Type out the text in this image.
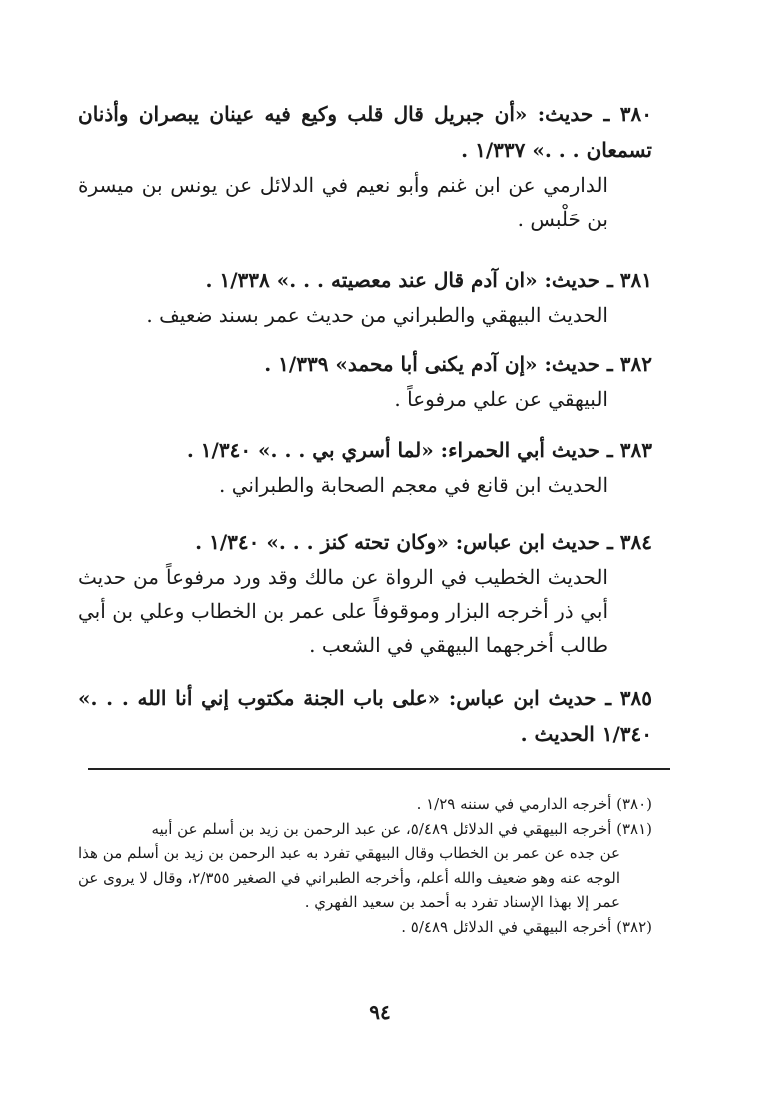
٣٨٠ ـ حديث: «أن جبريل قال قلب وكيع فيه عينان يبصران وأذنان تسمعان . . .» ١/٣٣٧ .
الدارمي عن ابن غنم وأبو نعيم في الدلائل عن يونس بن ميسرة بن حَلْبس .
٣٨١ ـ حديث: «ان آدم قال عند معصيته . . .» ١/٣٣٨ .
الحديث البيهقي والطبراني من حديث عمر بسند ضعيف .
٣٨٢ ـ حديث: «إن آدم يكنى أبا محمد» ١/٣٣٩ .
البيهقي عن علي مرفوعاً .
٣٨٣ ـ حديث أبي الحمراء: «لما أسري بي . . .» ١/٣٤٠ .
الحديث ابن قانع في معجم الصحابة والطبراني .
٣٨٤ ـ حديث ابن عباس: «وكان تحته كنز . . .» ١/٣٤٠ .
الحديث الخطيب في الرواة عن مالك وقد ورد مرفوعاً من حديث أبي ذر أخرجه البزار وموقوفاً على عمر بن الخطاب وعلي بن أبي طالب أخرجهما البيهقي في الشعب .
٣٨٥ ـ حديث ابن عباس: «على باب الجنة مكتوب إني أنا الله . . .» ١/٣٤٠ الحديث .

(٣٨٠) أخرجه الدارمي في سننه ١/٢٩ .

(٣٨١) أخرجه البيهقي في الدلائل ٥/٤٨٩، عن عبد الرحمن بن زيد بن أسلم عن أبيه

عن جده عن عمر بن الخطاب وقال البيهقي تفرد به عبد الرحمن بن زيد بن أسلم من هذا الوجه عنه وهو ضعيف والله أعلم، وأخرجه الطبراني في الصغير ٢/٣٥٥، وقال لا يروى عن عمر إلا بهذا الإسناد تفرد به أحمد بن سعيد الفهري .

(٣٨٢) أخرجه البيهقي في الدلائل ٥/٤٨٩ .

٩٤
